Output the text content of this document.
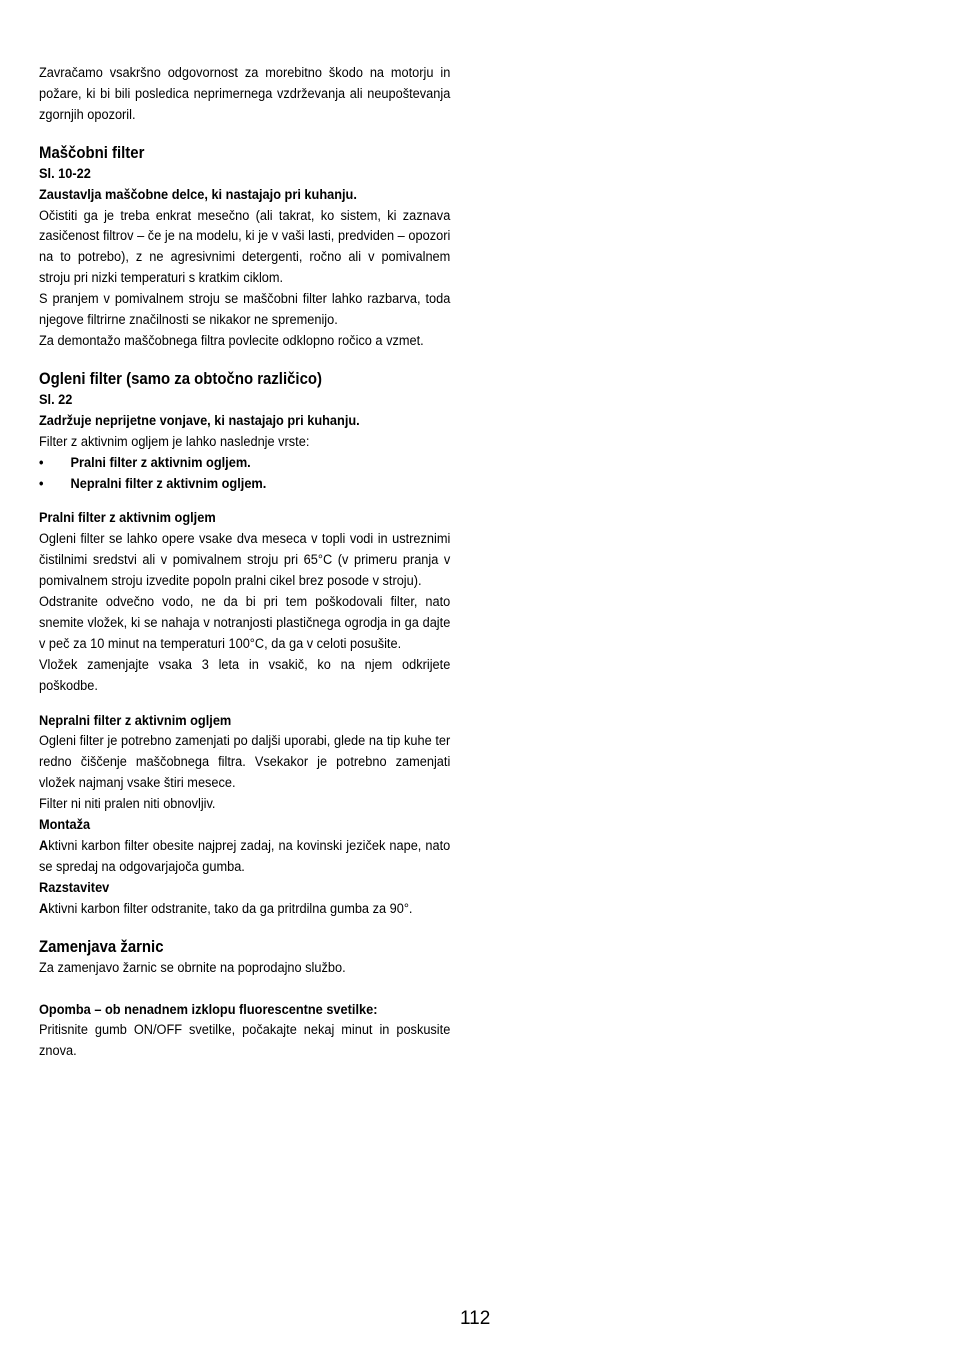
Zavračamo vsakršno odgovornost za morebitno škodo na motorju in požare, ki bi bili posledica neprimernega vzdrževanja ali neupoštevanja zgornjih opozoril.

Maščobni filter
Sl. 10-22
Zaustavlja maščobne delce, ki nastajajo pri kuhanju.

Očistiti ga je treba enkrat mesečno (ali takrat, ko sistem, ki zaznava zasičenost filtrov – če je na modelu, ki je v vaši lasti, predviden – opozori na to potrebo), z ne agresivnimi detergenti, ročno ali v pomivalnem stroju pri nizki temperaturi s kratkim ciklom.

S pranjem v pomivalnem stroju se maščobni filter lahko razbarva, toda njegove filtrirne značilnosti se nikakor ne spremenijo.

Za demontažo maščobnega filtra povlecite odklopno ročico a vzmet.

Ogleni filter (samo za obtočno različico)
Sl. 22
Zadržuje neprijetne vonjave, ki nastajajo pri kuhanju.

Filter z aktivnim ogljem je lahko naslednje vrste:

• Pralni filter z aktivnim ogljem.
• Nepralni filter z aktivnim ogljem.
Pralni filter z aktivnim ogljem

Ogleni filter se lahko opere vsake dva meseca v topli vodi in ustreznimi čistilnimi sredstvi ali v pomivalnem stroju pri 65°C (v primeru pranja v pomivalnem stroju izvedite popoln pralni cikel brez posode v stroju).

Odstranite odvečno vodo, ne da bi pri tem poškodovali filter, nato snemite vložek, ki se nahaja v notranjosti plastičnega ogrodja in ga dajte v peč za 10 minut na temperaturi 100°C, da ga v celoti posušite.

Vložek zamenjajte vsaka 3 leta in vsakič, ko na njem odkrijete poškodbe.

Nepralni filter z aktivnim ogljem

Ogleni filter je potrebno zamenjati po daljši uporabi, glede na tip kuhe ter redno čiščenje maščobnega filtra. Vsekakor je potrebno zamenjati vložek najmanj vsake štiri mesece.

Filter ni niti pralen niti obnovljiv.

Montaža

Aktivni karbon filter obesite najprej zadaj, na kovinski jeziček nape, nato se spredaj na odgovarjajoča gumba.

Razstavitev

Aktivni karbon filter odstranite, tako da ga pritrdilna gumba za 90°.

Zamenjava žarnic

Za zamenjavo žarnic se obrnite na poprodajno službo.

Opomba – ob nenadnem izklopu fluorescentne svetilke:

Pritisnite gumb ON/OFF svetilke, počakajte nekaj minut in poskusite znova.

112
